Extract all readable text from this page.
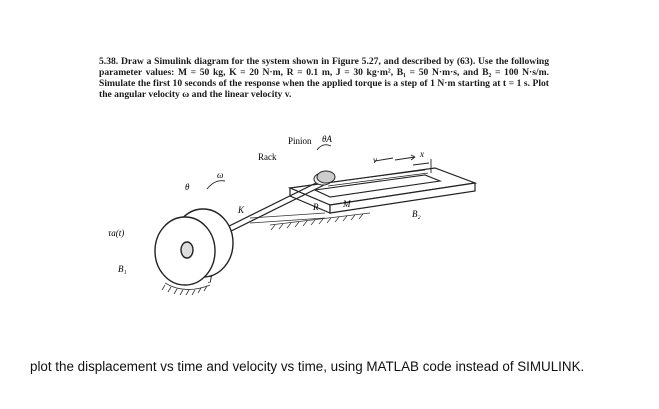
5.38. Draw a Simulink diagram for the system shown in Figure 5.27, and described by (63). Use the following parameter values: M = 50 kg, K = 20 N·m, R = 0.1 m, J = 30 kg·m², B₁ = 50 N·m·s, and B₂ = 100 N·s/m. Simulate the first 10 seconds of the response when the applied torque is a step of 1 N·m starting at t = 1 s. Plot the angular velocity ω and the linear velocity v.
Pinion θA
Rack	v
x
θ
ω
K	R	M
B₂
τa(t)
B₁
J
plot the displacement vs time and velocity vs time, using MATLAB code instead of SIMULINK.
